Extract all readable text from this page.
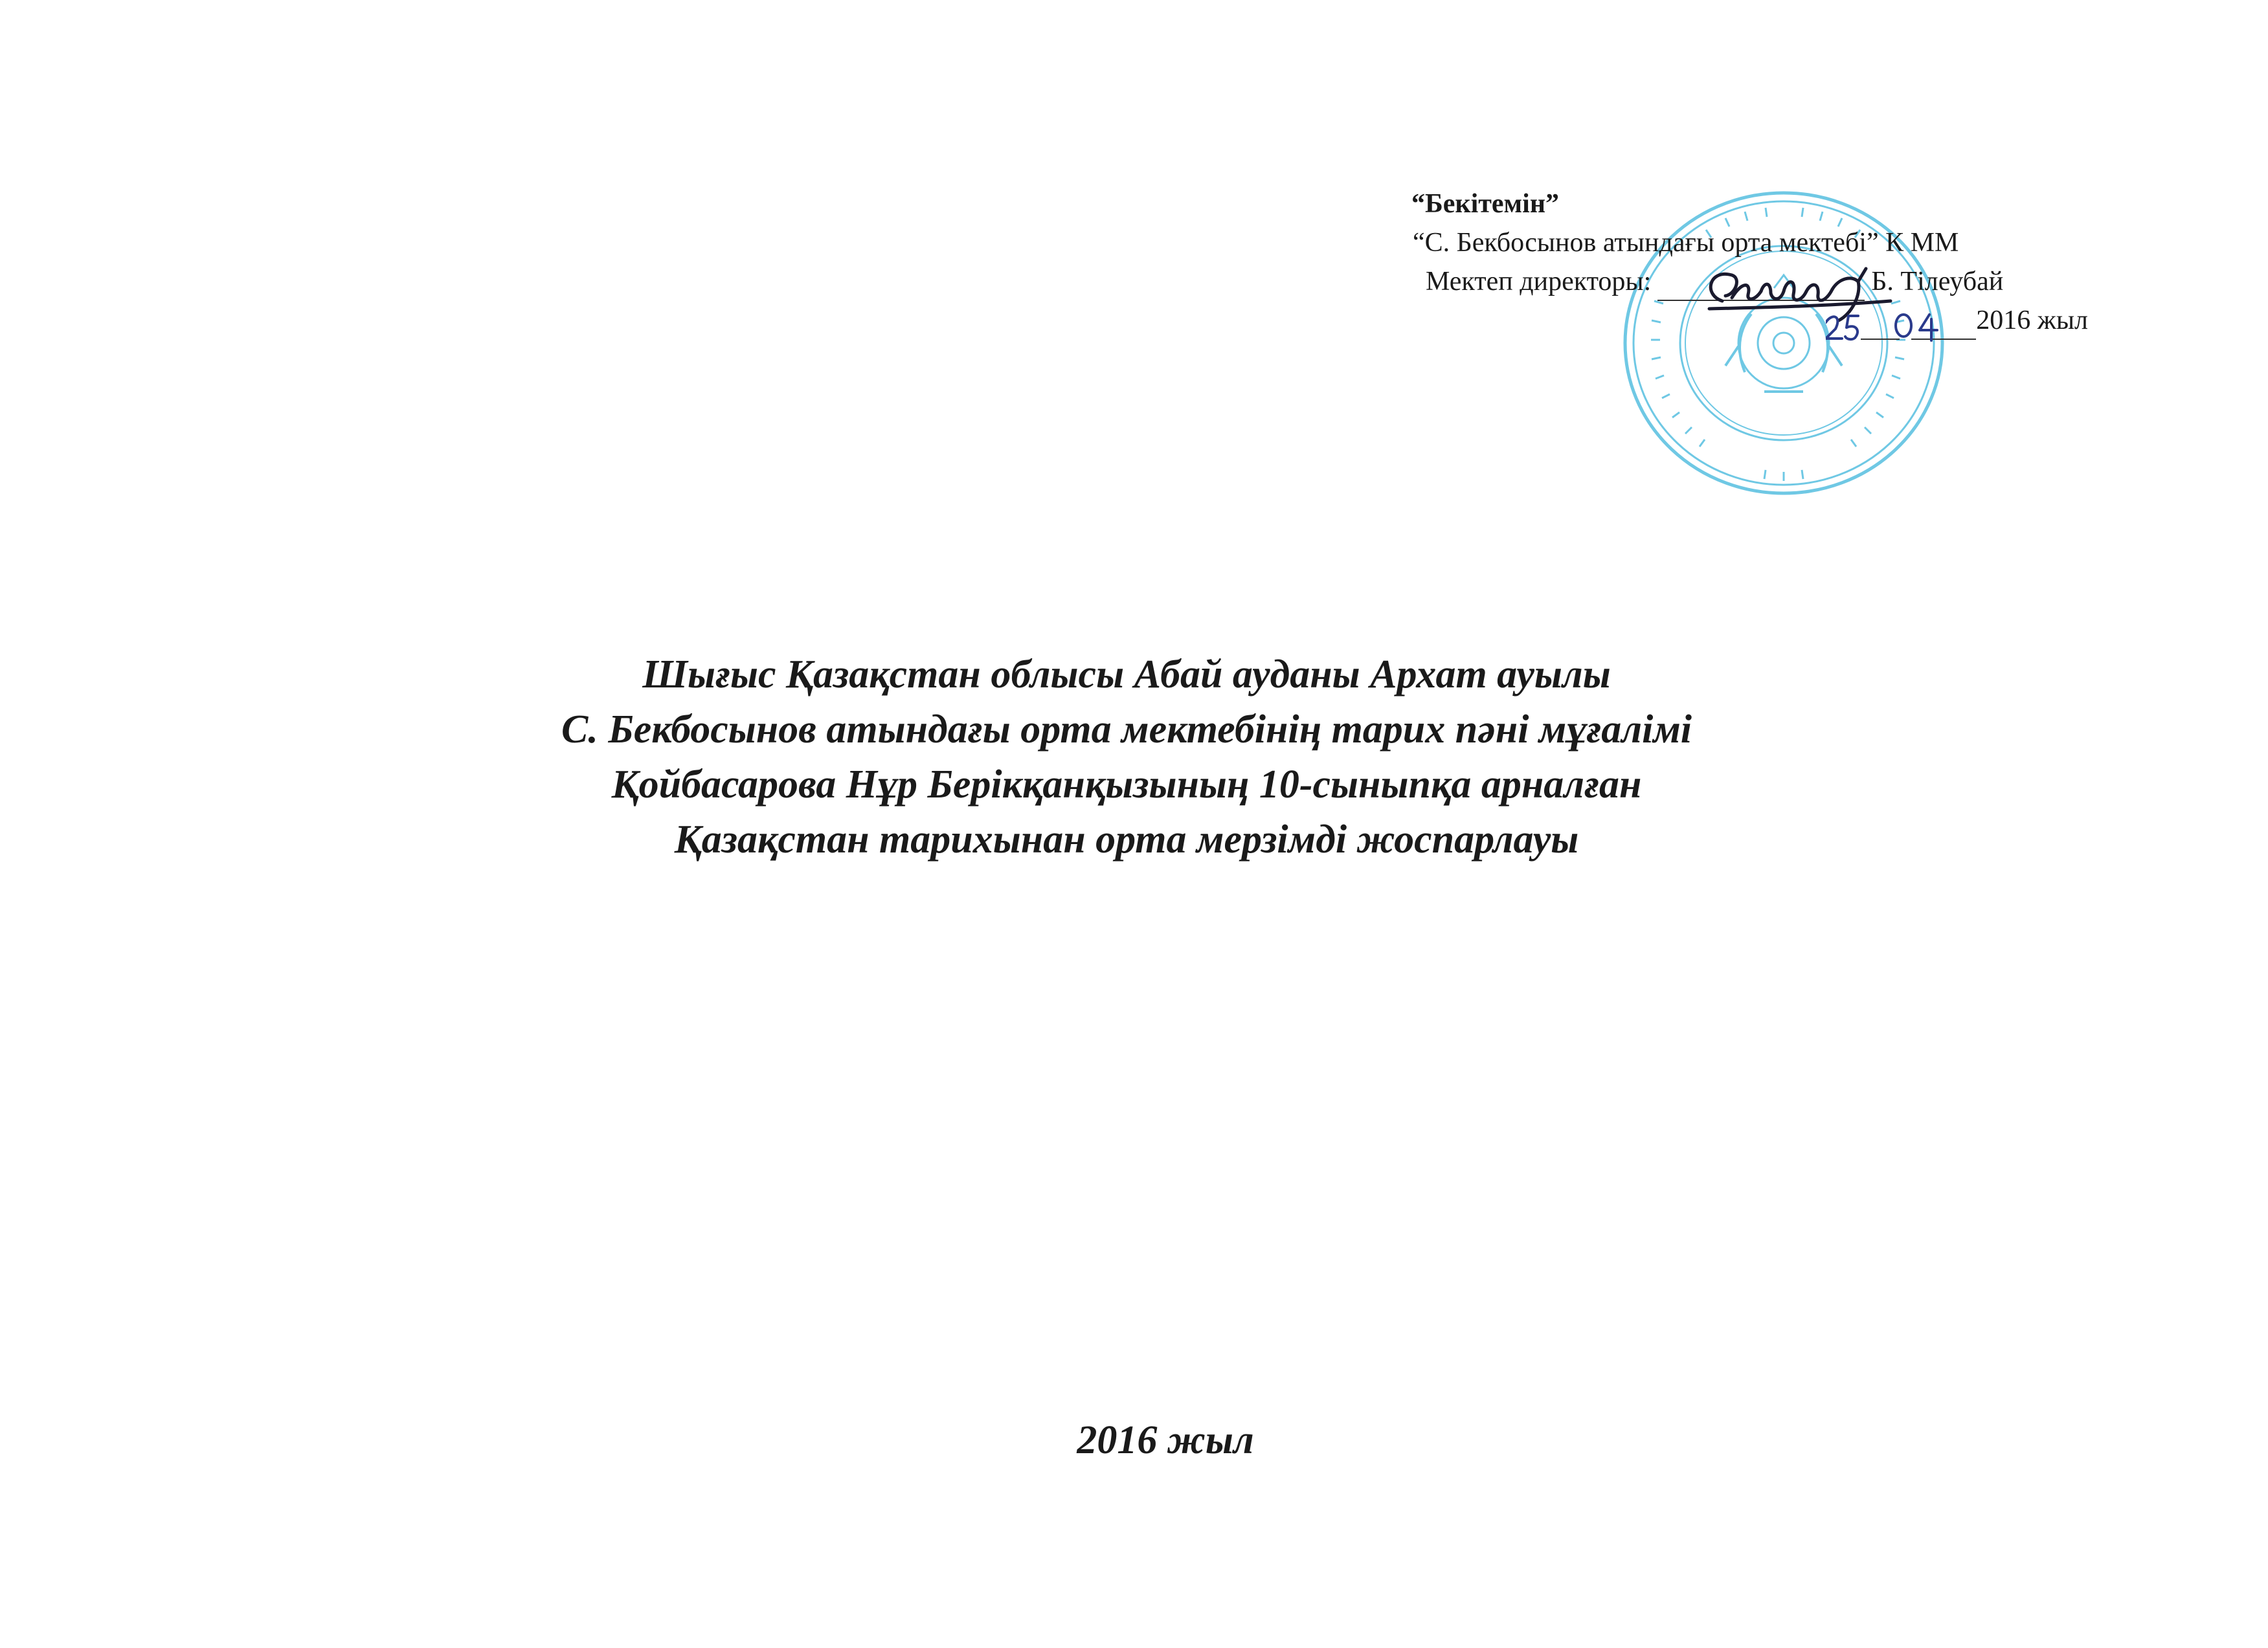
“Бекітемін”
“С. Бекбосынов атындағы орта мектебі” К ММ
Мектеп директоры:	Б. Тілеубай
2016 жыл
Шығыс Қазақстан облысы Абай ауданы Архат ауылы
С. Бекбосынов атындағы орта мектебінің тарих пәні мұғалімі
Қойбасарова Нұр Берікқанқызының 10-сыныпқа арналған
Қазақстан тарихынан орта мерзімді жоспарлауы
2016 жыл
